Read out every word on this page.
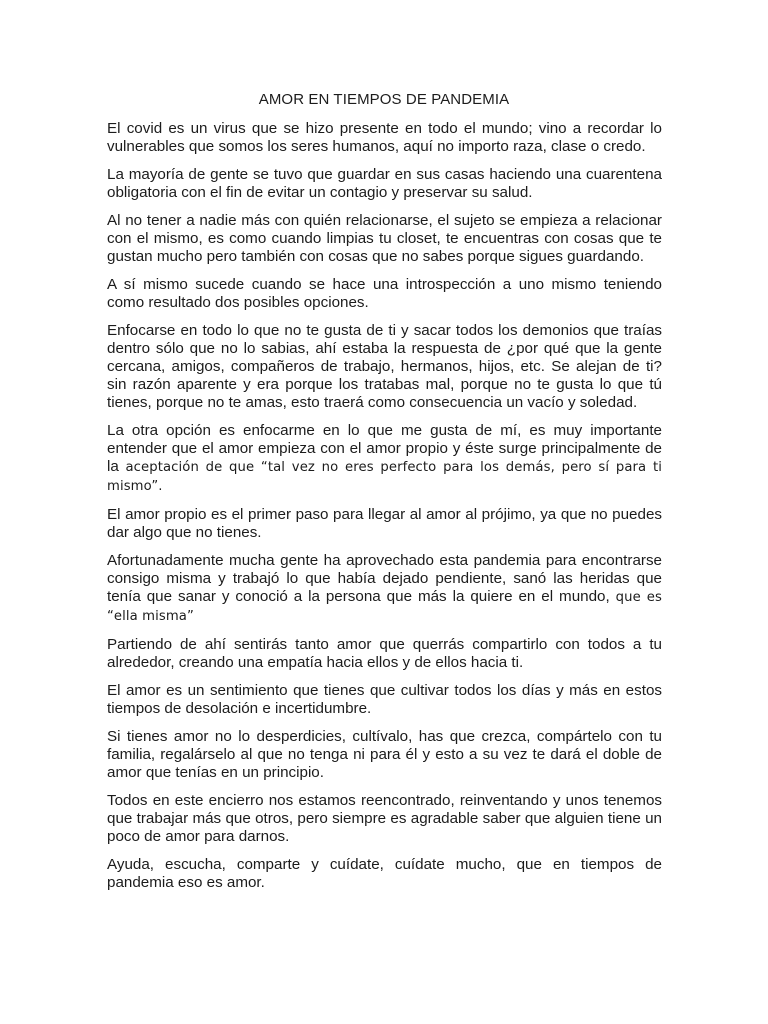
AMOR EN TIEMPOS DE PANDEMIA

El covid es un virus que se hizo presente en todo el mundo; vino a recordar lo vulnerables que somos los seres humanos, aquí no importo raza, clase o credo.

La mayoría de gente se tuvo que guardar en sus casas haciendo una cuarentena obligatoria con el fin de evitar un contagio y preservar su salud.

Al no tener a nadie más con quién relacionarse, el sujeto se empieza a relacionar con el mismo, es como cuando limpias tu closet, te encuentras con cosas que te gustan mucho pero también con cosas que no sabes porque sigues guardando.

A sí mismo sucede cuando se hace una introspección a uno mismo teniendo como resultado dos posibles opciones.

Enfocarse en todo lo que no te gusta de ti y sacar todos los demonios que traías dentro sólo que no lo sabias, ahí estaba la respuesta de ¿por qué que la gente cercana, amigos, compañeros de trabajo, hermanos, hijos, etc. Se alejan de ti? sin razón aparente y era porque los tratabas mal, porque no te gusta lo que tú tienes, porque no te amas, esto traerá como consecuencia un vacío y soledad.

La otra opción es enfocarme en lo que me gusta de mí, es muy importante entender que el amor empieza con el amor propio y éste surge principalmente de la aceptación de que “tal vez no eres perfecto para los demás, pero sí para ti mismo”.

El amor propio es el primer paso para llegar al amor al prójimo, ya que no puedes dar algo que no tienes.

Afortunadamente mucha gente ha aprovechado esta pandemia para encontrarse consigo misma y trabajó lo que había dejado pendiente, sanó las heridas que tenía que sanar y conoció a la persona que más la quiere en el mundo, que es “ella misma”

Partiendo de ahí sentirás tanto amor que querrás compartirlo con todos a tu alrededor, creando una empatía hacia ellos y de ellos hacia ti.

El amor es un sentimiento que tienes que cultivar todos los días y más en estos tiempos de desolación e incertidumbre.

Si tienes amor no lo desperdicies, cultívalo, has que crezca, compártelo con tu familia, regalárselo al que no tenga ni para él y esto a su vez te dará el doble de amor que tenías en un principio.

Todos en este encierro nos estamos reencontrado, reinventando y unos tenemos que trabajar más que otros, pero siempre es agradable saber que alguien tiene un poco de amor para darnos.

Ayuda, escucha, comparte y cuídate, cuídate mucho, que en tiempos de pandemia eso es amor.
